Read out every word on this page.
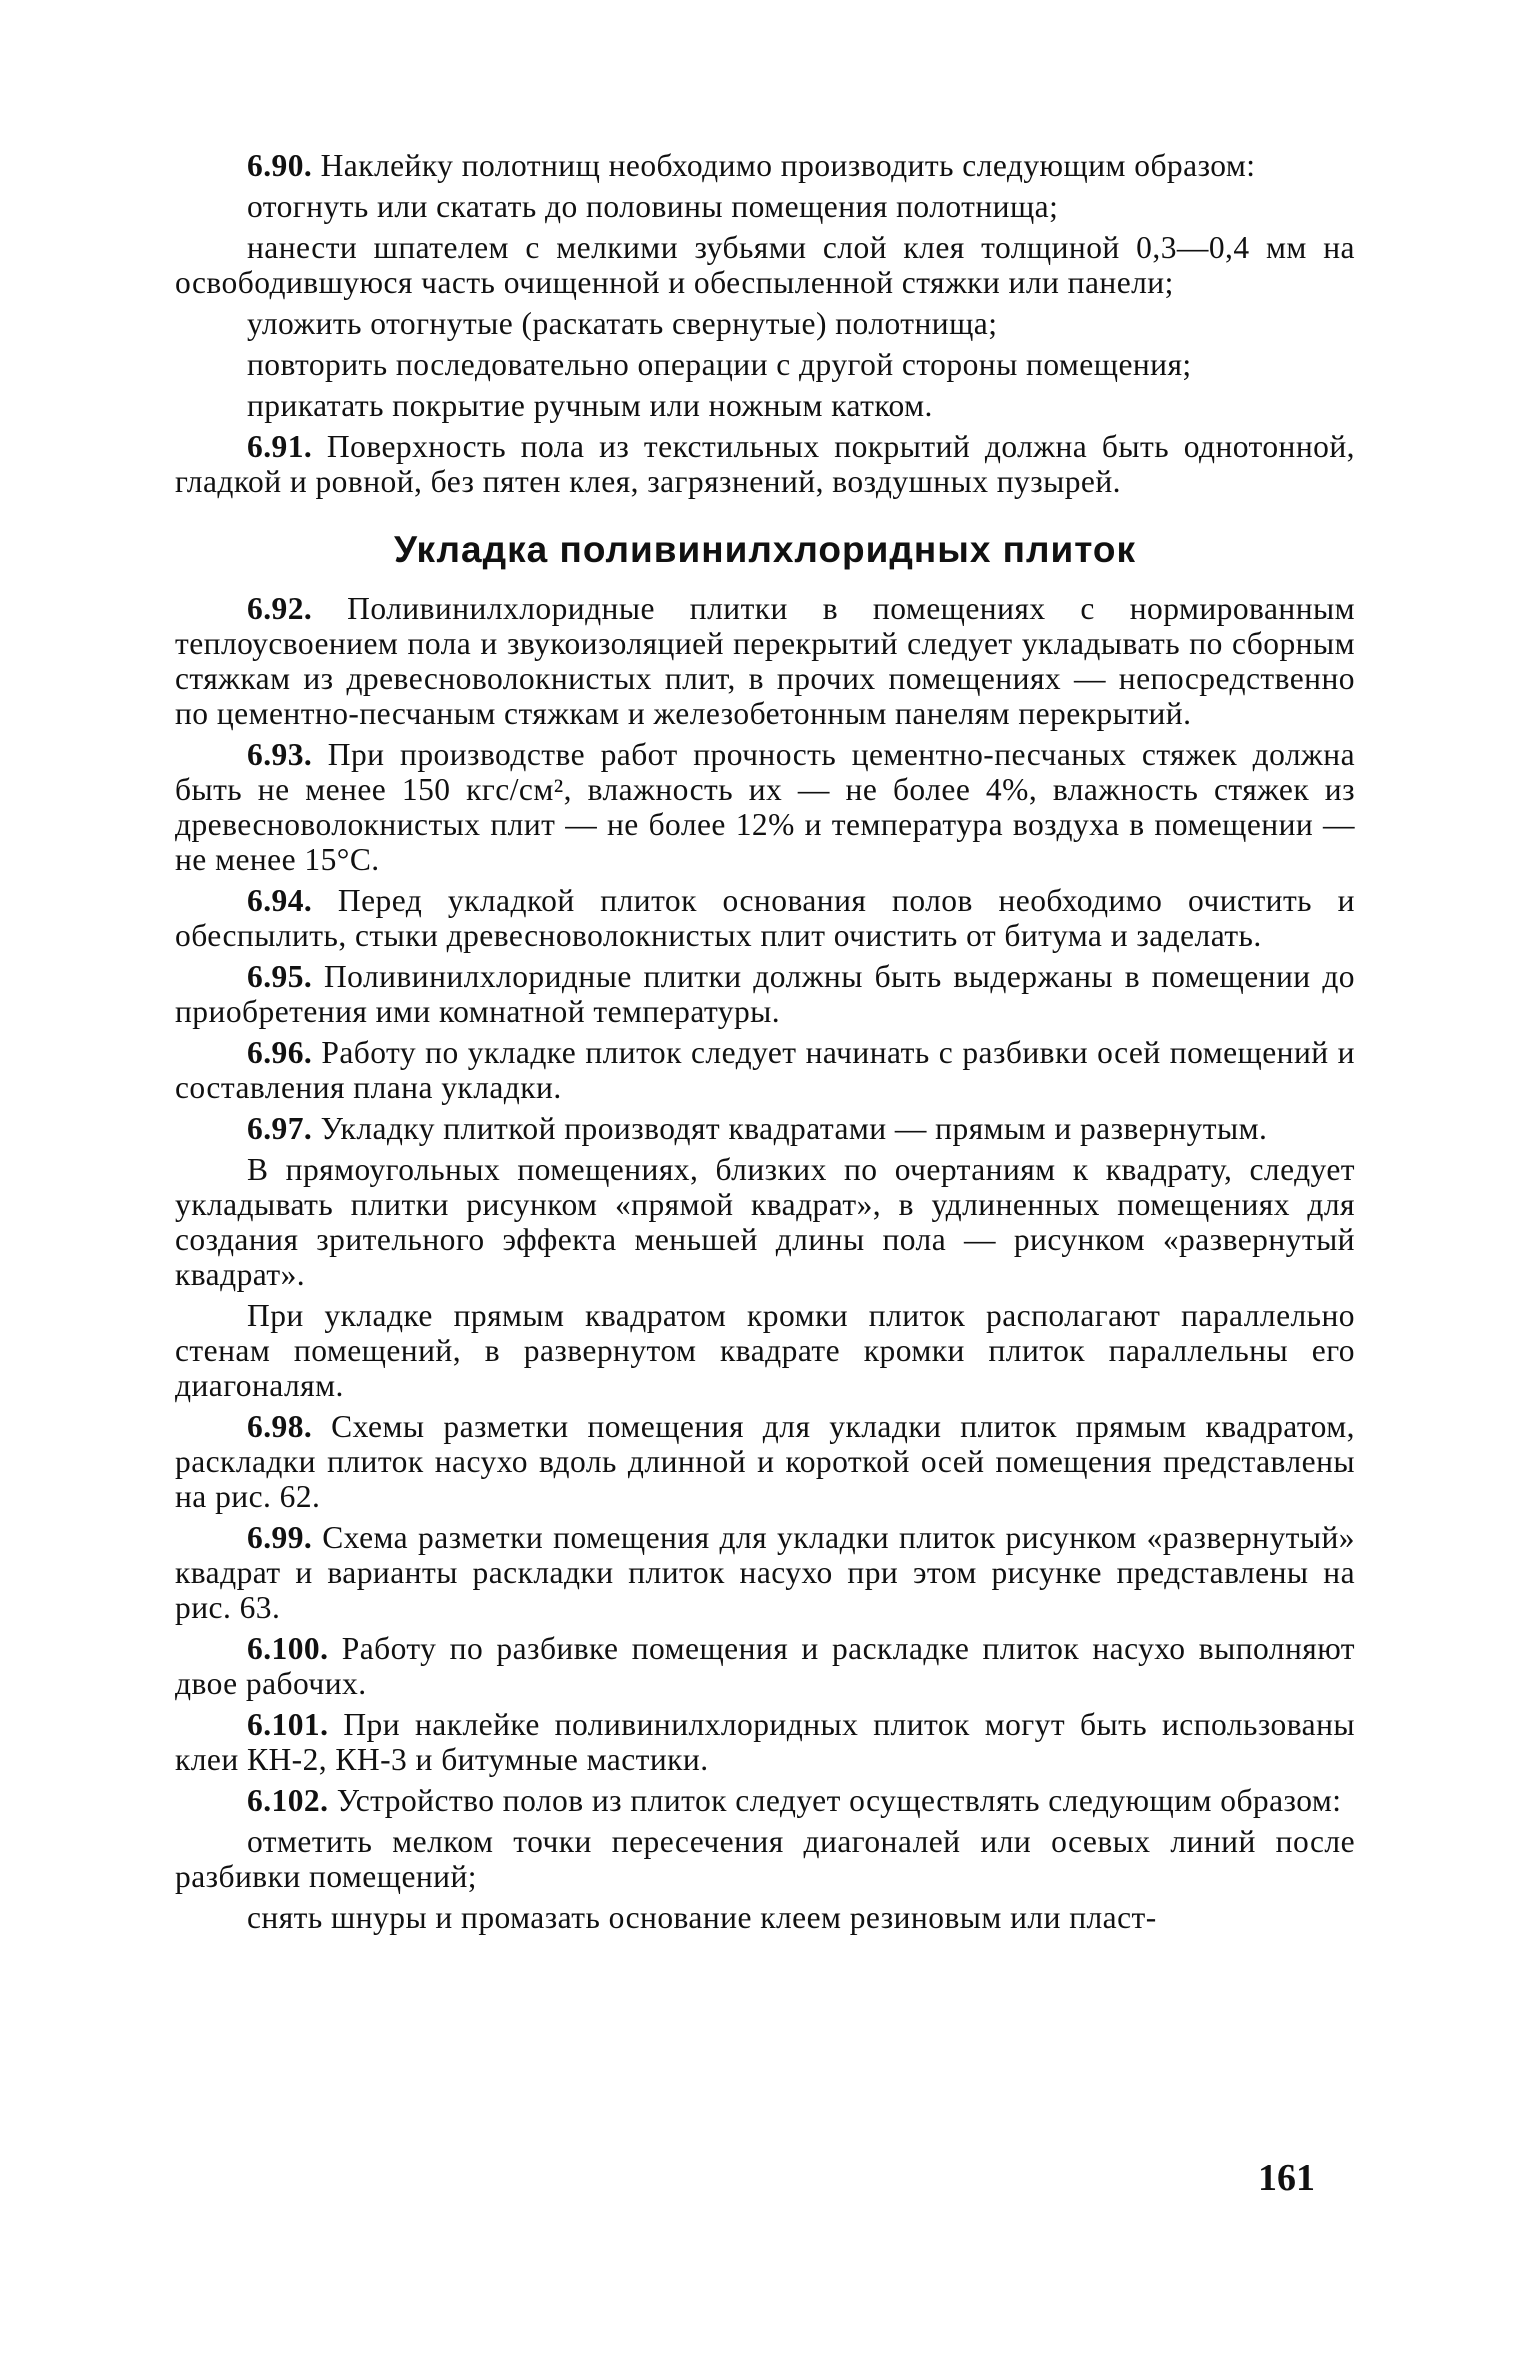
6.90. Наклейку полотнищ необходимо производить следующим образом:

отогнуть или скатать до половины помещения полотнища;

нанести шпателем с мелкими зубьями слой клея толщиной 0,3—0,4 мм на освободившуюся часть очищенной и обеспыленной стяжки или панели;

уложить отогнутые (раскатать свернутые) полотнища;

повторить последовательно операции с другой стороны помещения;

прикатать покрытие ручным или ножным катком.

6.91. Поверхность пола из текстильных покрытий должна быть однотонной, гладкой и ровной, без пятен клея, загрязнений, воздушных пузырей.

Укладка поливинилхлоридных плиток

6.92. Поливинилхлоридные плитки в помещениях с нормированным теплоусвоением пола и звукоизоляцией перекрытий следует укладывать по сборным стяжкам из древесноволокнистых плит, в прочих помещениях — непосредственно по цементно-песчаным стяжкам и железобетонным панелям перекрытий.

6.93. При производстве работ прочность цементно-песчаных стяжек должна быть не менее 150 кгс/см², влажность их — не более 4%, влажность стяжек из древесноволокнистых плит — не более 12% и температура воздуха в помещении — не менее 15°С.

6.94. Перед укладкой плиток основания полов необходимо очистить и обеспылить, стыки древесноволокнистых плит очистить от битума и заделать.

6.95. Поливинилхлоридные плитки должны быть выдержаны в помещении до приобретения ими комнатной температуры.

6.96. Работу по укладке плиток следует начинать с разбивки осей помещений и составления плана укладки.

6.97. Укладку плиткой производят квадратами — прямым и развернутым.

В прямоугольных помещениях, близких по очертаниям к квадрату, следует укладывать плитки рисунком «прямой квадрат», в удлиненных помещениях для создания зрительного эффекта меньшей длины пола — рисунком «развернутый квадрат».

При укладке прямым квадратом кромки плиток располагают параллельно стенам помещений, в развернутом квадрате кромки плиток параллельны его диагоналям.

6.98. Схемы разметки помещения для укладки плиток прямым квадратом, раскладки плиток насухо вдоль длинной и короткой осей помещения представлены на рис. 62.

6.99. Схема разметки помещения для укладки плиток рисунком «развернутый» квадрат и варианты раскладки плиток насухо при этом рисунке представлены на рис. 63.

6.100. Работу по разбивке помещения и раскладке плиток насухо выполняют двое рабочих.

6.101. При наклейке поливинилхлоридных плиток могут быть использованы клеи КН-2, КН-3 и битумные мастики.

6.102. Устройство полов из плиток следует осуществлять следующим образом:

отметить мелком точки пересечения диагоналей или осевых линий после разбивки помещений;

снять шнуры и промазать основание клеем резиновым или пласт-

161
